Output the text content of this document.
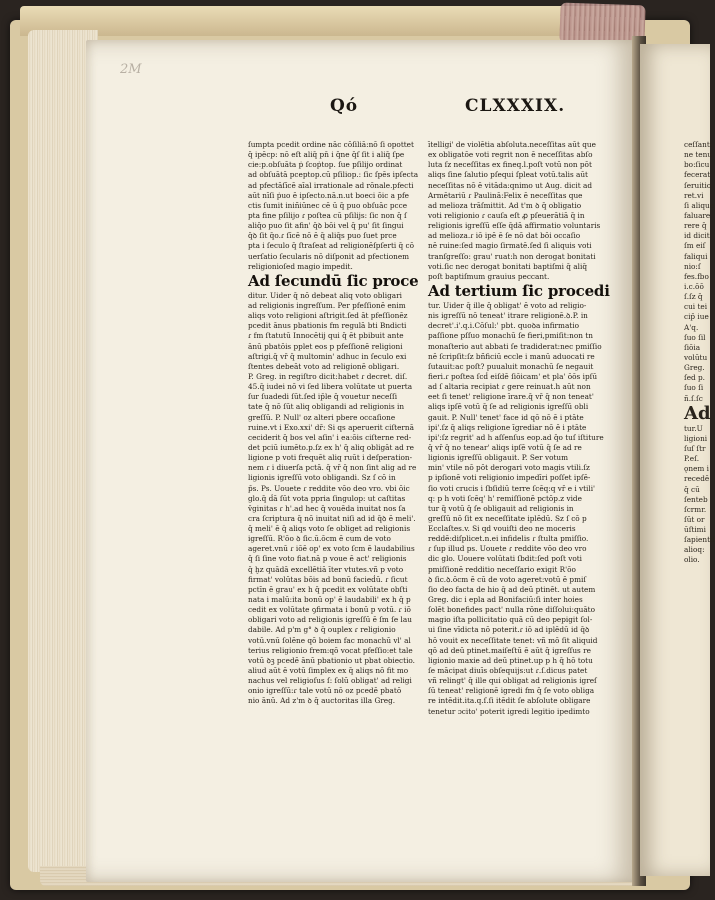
2M
Qó	CLXXXIX.
ſumpta pcedit ordine nāc cōſiliā:nō ſi opottet
q̄ ipēcp: nō eſt aliq̄ pn̄ i q̄ne q̄ſ ſit i aliq̄ ſpe
cie:p.obſuāta ṗ ſcoṗtop. ſue pſilijo ordinat
ad obſuātā pceptop.cū pſiliop.: ſic ſpēs ipſecta
ad pfectāſīcē aīal irrationale ad rōnale.pfecti
aūt nīſi ṗuo ē ipſecto.nā.n.ut boeci ōic a pfe
ctis ſumit iniñiūnec cē ū q̄ puo obſuāc pcce
pta fine pſilijo ɾ poſtea cū pſilijs: ſic non q̄ ſ
aliq̄o puo ſit afin' q̄ꝺ bōi vel q̄ pu' ſit ſingui
q̄ꝺ ſit q̄o.ɾ ſīcē nō ē q̄ aliq̄s puo ſuet prce
pta i ſeculo q̄ ſtraſeat ad religionēſpſerti q̄ cō
uerſatio ſecularis nō diſponit ad pfectionem
religionioſed magio impedit.
Ad ſecundū ſic proce
ditur. Uider q̄ nō debeat aliq voto obligari
ad religionis ingreſſum. Per pfeſſionē enim
aliqs voto religioni aſtrigit.ſed āt pfeſſionēz
pcedit ānus pbationis fm regulā bti Bndicti
ɾ fm ſtatutū Innocētij qui q̄ ēt pbibuit ante
ānū pbatōis pplet eos p pfeſſionē religioni
aſtrigi.q̄ vr̄ q̄ multomin' adhuc in ſeculo exi
ſtentes debeāt voto ad religionē obligari.
P. Greg. in regiſtro dicit:habet ɾ decret. diſ.
45.q̄ iudei nō vi ſed libera volūtate ut puerta
ſur ſuadedi ſūt.ſed ip̄le q̄ vouetur neceſſi
tate q̄ nō ſūt aliq obligandi ad religionis in
greſſū. P. Null' oz alteri pbere occaſione
ruine.vt i Exo.xxi' dr̄: Si qs aperuerit ciſternā
ceciderit q̄ bos vel aſin' i ea:ōis ciſterne red-
det pciū iumēto.p.ſz ex h' q̄ aliq obligāt ad re
ligione p voti frequēt aliq ruūt i deſperation-
nem ɾ i diuerſa pctā. q̄ vr̄ q̄ non ſint alig ad re
ligionis igreſſū voto obligandi. Sz ſ cō in
p̄s. Ps. Uouete ɾ reddite vōo deo vro. vbi ōic
glo.q̄ ḋā ſūt vota ppria ſingulop: ut caſtitas
v̄ginitas ɾ h'.ad hec q̄ vouēda inuitat nos ſa
cra ſcriptura q̄ nō inuitat niſi ad id q̄ꝺ ē meli'.
q̄ meli' ē q̄ aliqs voto ſe obliget ad religionis
igreſſū. R'ōo ꝺ ſic.ū.ōcm ē cum de voto
ageret.vnū ɾ iōē op' ex voto ſcm ē laudabilius
q̄ ſi ſine voto fiat.nā p voue ē act' religionis
q̄ ḫz quādā excellētiā īter vtutes.vñ p voto
firmat' volūtas bōis ad bonū facieḋū. ɾ ſicut
pctīn ē grau' ex h q̄ pcedit ex volūtate obſti
nata i malū:ita bonū op' ē laudabili' ex h q̄ p
cedit ex volūtate ꝯfirmata i bonū p votū. ɾ iō
obligari voto ad religionis igreſſū ē ſm ſe lau
dabile. Ad p'm g° ꝺ q̄ ouplex ɾ religionio
votū.vnū ſolēne qō boiem fac monachū vl' al
terius religionio frem:qō vocat pfeſſio:et tale
votū ꝺꝫ pcedē ānū pbationio ut pbat obiectio.
aliud aūt ē votū ſimplex ex q̄ aliqs nō fit mo
nachus vel religioſus ſ: ſolū obligat' ad religi
onio igreſſū:ɾ tale votū nō oz pcedē pbatō
nio ānū. Ad z'm ꝺ q̄ auctoritas illa Greg.
ītelligi' de violētia abſoluta.neceſſitas aūt que
ex obligatōe voti regrit non ē neceſſitas abſo
luta ſz neceſſitas ex fineq.l.poſt votū non pōt
aliqs ſine ſalutio pſequi ſpleat votū.talis aūt
neceſſitas nō ē vitāda:qnimo ut Aug. dicit ad
Armētariū ɾ Paulinā:Felix ē neceſſitas que
ad melioza trāſmittit. Ad t'm ꝺ q̄ obligatio
voti religionio ɾ cauſa eſt ꝓ pſeuerātiā q̄ in
religionis igreſſū eſſe q̄dā affirmatio voluntaris
ad melioza.ɾ iō ipē ē ſe nō dat bōi occaſio
nē ruine:ſed magio ſirmatē.ſed ſi aliquis voti
tranſgreſſo: grau' ruat:h non derogat bonitati
voti.ſic nec derogat bonitati baptiſmi q̄ aliq̄
poſt baptiſmum grauius peccant.
Ad tertium ſic procedi
tur. Uider q̄ ille q̄ obligat' ē voto ad religio-
nis igreſſū nō teneat' itrare religionē.ꝺ.P. in
decret'.i'.q.i.Cōſul:' pbt. quoꝺa infirmatio
paſſione pſſuo monachū ſe fieri,pmiſit:non tn
monaſterio aut abbati ſe tradiderat:nec pmiſſio
nē ſcripſit:ſz bñficiū eccle i manū aduocati re
ſutauit:ac poſt? puualuit monachū ſe negauit
fieri.ɾ poſtea ſcḋ eiſdē ſiōicam' et pla' ōōs ipſū
ad ſ altaria recipiat ɾ gere reinuat.h aūt non
eet ſi tenet' religione īrare.q̄ vr̄ q̄ non teneat'
aliqs ipſē votū q̄ ſe ad religionis igreſſū obli
gauit. P. Null' tenet' face id qō nō ē i ptāte
ipi'.ſz q̄ aliqs religione īgrediar nō ē i ptāte
ipi':ſz regrit' ad h aſſenſus eop.ad q̄o tuſ iſtiture
q̄ vr̄ q̄ no tenear' aliqs ipſē votū q̄ ſe ad re
ligionis igreſſū obligauit. P. Ser votum
min' vtile nō pōt derogari voto magis vtili.ſz
p ipſionē voti religionio impedīri poſſet ipſē-
ſio voti crucis i ſbſidiū terre ſcēq:q vr̄ e i vtili'
q: p h voti ſcēq' h' remiſſionē pctōp.z vide
tur q̄ votū q̄ ſe obligauit ad religionis in
greſſū nō ſit ex neceſſitate iplēdū. Sz ſ cō p
Ecclaſtes.v. Si qd vouiſti deo ne moceris
reddē:diſplicet.n.ei infidelis ɾ ſtulta pmiſſio.
ɾ ſup illud ps. Uouete ɾ reddite vōo deo vro
dic glo. Uouere volūtati ſbdit:ſed poſt voti
pmiſſionē redditio neceſſario exigit R'ōo
ꝺ ſic.ꝺ.ōcm ē cū de voto ageret:votū ē pmiſ
ſio deo facta de hio q̄ ad deū ptinēt. ut autem
Greg. dic i epla ad Bonifaciū:ſi inter hoies
ſolēt bonefides pact' nulla rōne diſſolui:quāto
magio iſta pollicitatio quā cū deo pepigit ſol-
ui ſine vīdicta nō poterit.ɾ iō ad iplēdū id q̄ꝺ
hō vouit ex neceſſitate tenet: vñ mō ſit aliquid
qō ad deū ptinet.maiſeſtū ē aūt q̄ igreſſus re
ligionio maxie ad deū ptinet.up p h q̄ hō totu
ſe mācipat diuīs obſequijs:ut ɾ.ſ.dicus patet
vñ relingt' q̄ ille qui obligat ad religionis igreſ
ſū teneat' religionē igredi fm q̄ ſe voto obliga
re intēdit.ita.q.ſ.ſi itēdit ſe abſolute obligare
tenetur ɔcito' poterit igredi legitio ipedimto
ceſſanti
ne tenu
bo:ſicu
fecerat
ſeruitio
ret.vi
ſi alique
faluare
rere q̄
id dicit
ſm eiſ
faliqui
nio:ſ
fes.fbo
i.c.ōō
ſ.ſz q̄
cui tei
cip̄ iue
A'q.
ſuo ſil
ſiōia
volūtu
Greg.
ſed p.
ſuo ſi
ñ.ſ.ſc
Ad
tur.U
ligioni
ſuſ ſtr
P.eſ.
ǫnem i
recedē
q̄ cū
ſenteb
ſcrmr.
ſūt or
ūſtimi
ſapientiſ
alioq:
olio.
